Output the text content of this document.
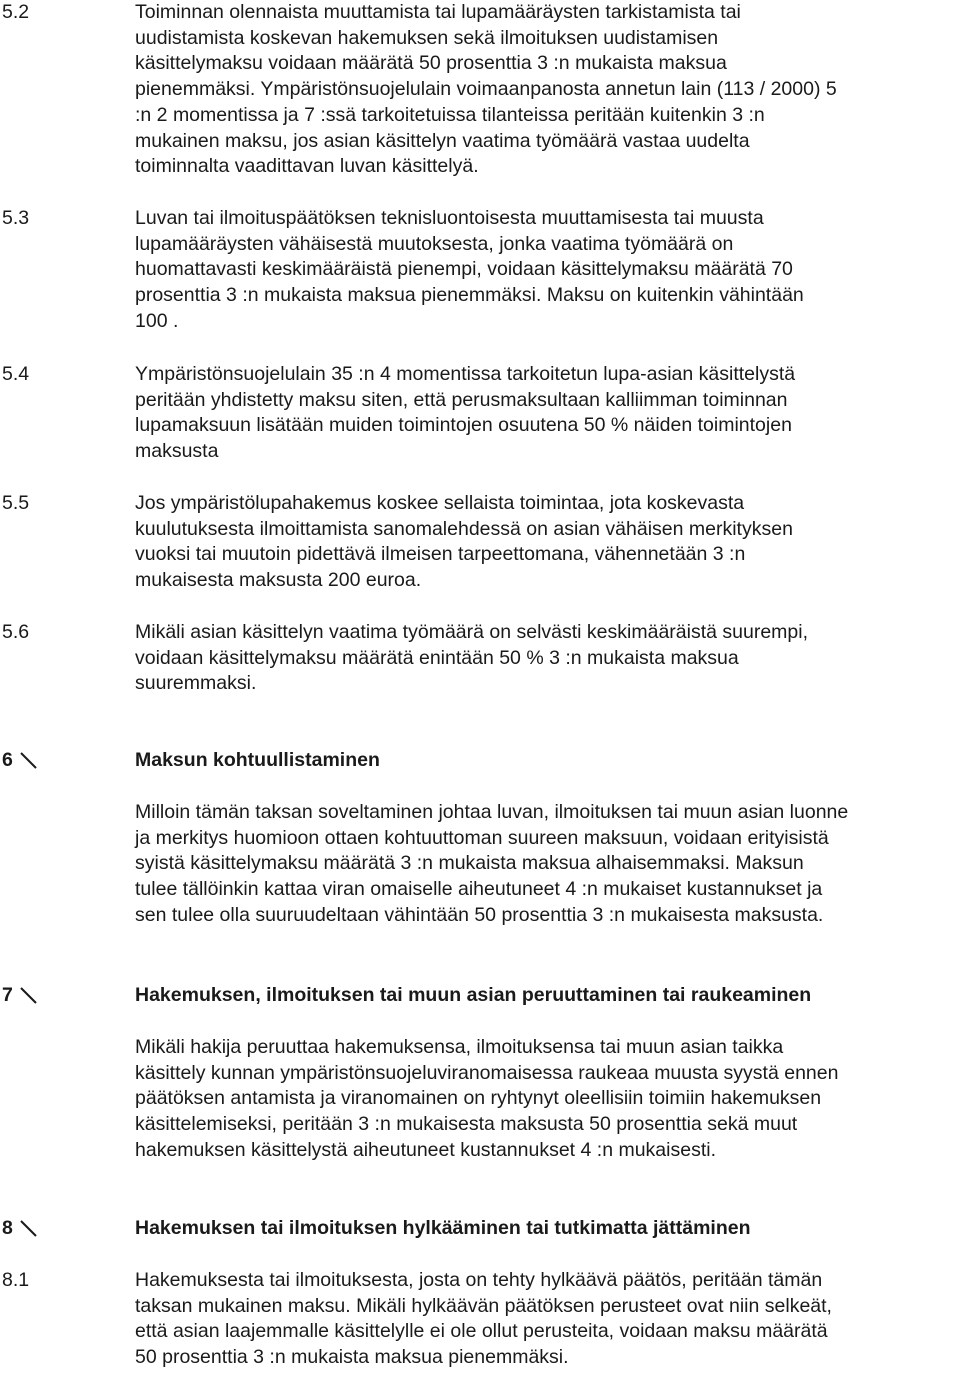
5.2	Toiminnan olennaista muuttamista tai lupamääräysten tarkistamista tai
uudistamista koskevan hakemuksen sekä ilmoituksen uudistamisen
käsittelymaksu voidaan määrätä 50 prosenttia 3 :n mukaista maksua
pienemmäksi. Ympäristönsuojelulain voimaanpanosta annetun lain (113 / 2000) 5
:n 2 momentissa ja 7 :ssä tarkoitetuissa tilanteissa peritään kuitenkin 3 :n
mukainen maksu, jos asian käsittelyn vaatima työmäärä vastaa uudelta
toiminnalta vaadittavan luvan käsittelyä.
5.3	Luvan tai ilmoituspäätöksen teknisluontoisesta muuttamisesta tai muusta
lupamääräysten vähäisestä muutoksesta, jonka vaatima työmäärä on
huomattavasti keskimääräistä pienempi, voidaan käsittelymaksu määrätä 70
prosenttia 3 :n mukaista maksua pienemmäksi. Maksu on kuitenkin vähintään
100 .
5.4	Ympäristönsuojelulain 35 :n 4 momentissa tarkoitetun lupa-asian käsittelystä
peritään yhdistetty maksu siten, että perusmaksultaan kalliimman toiminnan
lupamaksuun lisätään muiden toimintojen osuutena 50 % näiden toimintojen
maksusta
5.5	Jos ympäristölupahakemus koskee sellaista toimintaa, jota koskevasta
kuulutuksesta ilmoittamista sanomalehdessä on asian vähäisen merkityksen
vuoksi tai muutoin pidettävä ilmeisen tarpeettomana, vähennetään 3 :n
mukaisesta maksusta 200 euroa.
5.6	Mikäli asian käsittelyn vaatima työmäärä on selvästi keskimääräistä suurempi,
voidaan käsittelymaksu määrätä enintään 50 % 3 :n mukaista maksua
suuremmaksi.
6	Maksun kohtuullistaminen
Milloin tämän taksan soveltaminen johtaa luvan, ilmoituksen tai muun asian luonne
ja merkitys huomioon ottaen kohtuuttoman suureen maksuun, voidaan erityisistä
syistä käsittelymaksu määrätä 3 :n mukaista maksua alhaisemmaksi. Maksun
tulee tällöinkin kattaa viran omaiselle aiheutuneet 4 :n mukaiset kustannukset ja
sen tulee olla suuruudeltaan vähintään 50 prosenttia 3 :n mukaisesta maksusta.
7	Hakemuksen, ilmoituksen tai muun asian peruuttaminen tai raukeaminen
Mikäli hakija peruuttaa hakemuksensa, ilmoituksensa tai muun asian taikka
käsittely kunnan ympäristönsuojeluviranomaisessa raukeaa muusta syystä ennen
päätöksen antamista ja viranomainen on ryhtynyt oleellisiin toimiin hakemuksen
käsittelemiseksi, peritään 3 :n mukaisesta maksusta 50 prosenttia sekä muut
hakemuksen käsittelystä aiheutuneet kustannukset 4 :n mukaisesti.
8	Hakemuksen tai ilmoituksen hylkääminen tai tutkimatta jättäminen
8.1	Hakemuksesta tai ilmoituksesta, josta on tehty hylkäävä päätös, peritään tämän
taksan mukainen maksu. Mikäli hylkäävän päätöksen perusteet ovat niin selkeät,
että asian laajemmalle käsittelylle ei ole ollut perusteita, voidaan maksu määrätä
50 prosenttia 3 :n mukaista maksua pienemmäksi.
